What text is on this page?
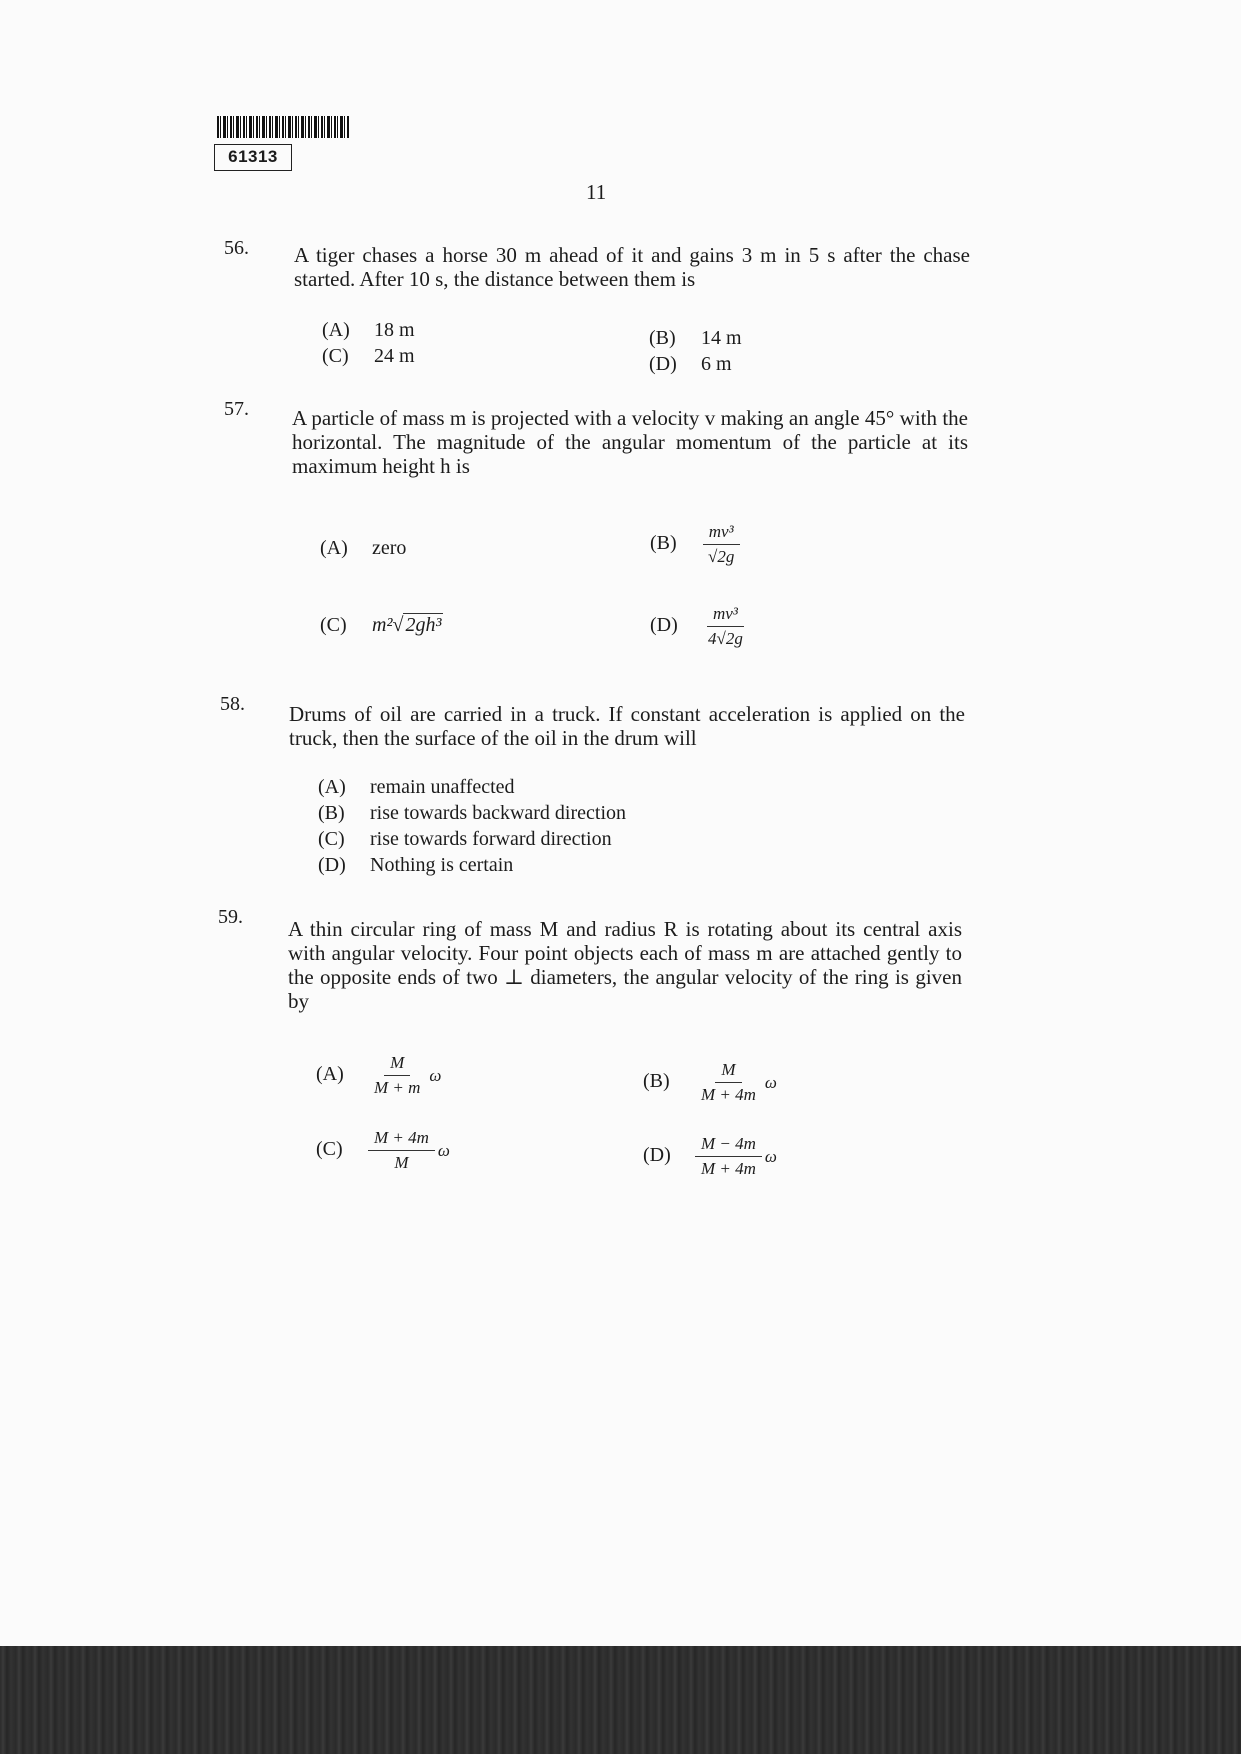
61313
11
56. A tiger chases a horse 30 m ahead of it and gains 3 m in 5 s after the chase started. After 10 s, the distance between them is
(A) 18 m	(B) 14 m
(C) 24 m	(D) 6 m
57. A particle of mass m is projected with a velocity v making an angle 45° with the horizontal. The magnitude of the angular momentum of the particle at its maximum height h is
(A) zero	$(B) \frac{\text{mv³}}{√2g}$
(C) m²√ 2gh³	$(D) \frac{\text{mv³}}{4√2g}$
58. Drums of oil are carried in a truck. If constant acceleration is applied on the truck, then the surface of the oil in the drum will
(A) remain unaffected
(B) rise towards backward direction
(C) rise towards forward direction
(D) Nothing is certain
59. A thin circular ring of mass M and radius R is rotating about its central axis with angular velocity. Four point objects each of mass m are attached gently to the opposite ends of two ⊥ diameters, the angular velocity of the ring is given by
$(A) \frac{M}{M + m}$ ω	$(B) \frac{M}{M + 4m}$ ω
$(C) \frac{M + 4m}{M}$ ω	$(D) \frac{M - 4m}{M + 4m}$ ω
